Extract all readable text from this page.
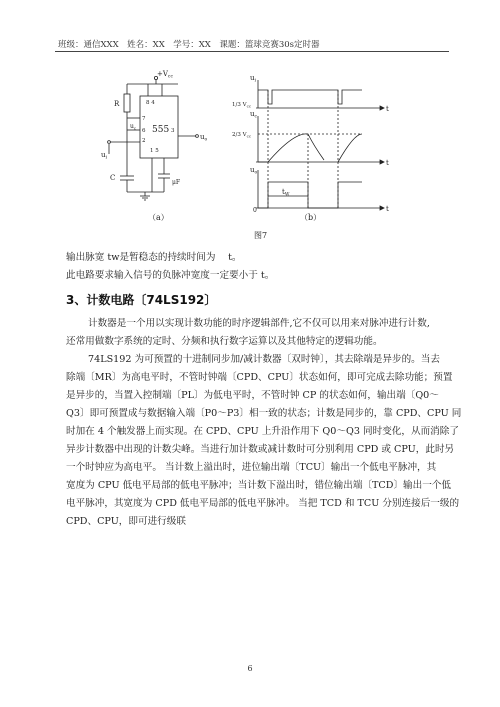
班级：通信XXX　姓名：XX　学号：XX　课题：篮球竞赛30s定时器
$+V_{cc}$
R
C
8 4
7
6 555 3
2
1 5
$u_i$
$u_c$
$u_o$
μF
（a）
$u_i$
$u_c$
$u_o$
1/3 $V_{cc}$
2/3 $V_{cc}$
t
t
t
0
$t_W$
（b）
图7
输出脉宽 tw是暂稳态的持续时间为　 t。
此电路要求输入信号的负脉冲宽度一定要小于 t。
3、计数电路〔74LS192〕
计数器是一个用以实现计数功能的时序逻辑部件,它不仅可以用来对脉冲进行计数,
还常用做数字系统的定时、分频和执行数字运算以及其他特定的逻辑功能。
74LS192 为可预置的十进制同步加/减计数器〔双时钟〕，其去除端是异步的。当去
除端〔MR〕为高电平时，不管时钟端〔CPD、CPU〕状态如何，即可完成去除功能；预置
是异步的，当置入控制端〔PL〕为低电平时，不管时钟 CP 的状态如何，输出端〔Q0～
Q3〕即可预置成与数据输入端〔P0～P3〕相一致的状态；计数是同步的，靠 CPD、CPU 同
时加在 4 个触发器上而实现。在 CPD、CPU 上升沿作用下 Q0～Q3 同时变化，从而消除了
异步计数器中出现的计数尖峰。当进行加计数或减计数时可分别利用 CPD 或 CPU，此时另
一个时钟应为高电平。 当计数上溢出时，进位输出端〔TCU〕输出一个低电平脉冲，其
宽度为 CPU 低电平局部的低电平脉冲；当计数下溢出时，错位输出端〔TCD〕输出一个低
电平脉冲，其宽度为 CPD 低电平局部的低电平脉冲。 当把 TCD 和 TCU 分别连接后一级的
CPD、CPU，即可进行级联
6
